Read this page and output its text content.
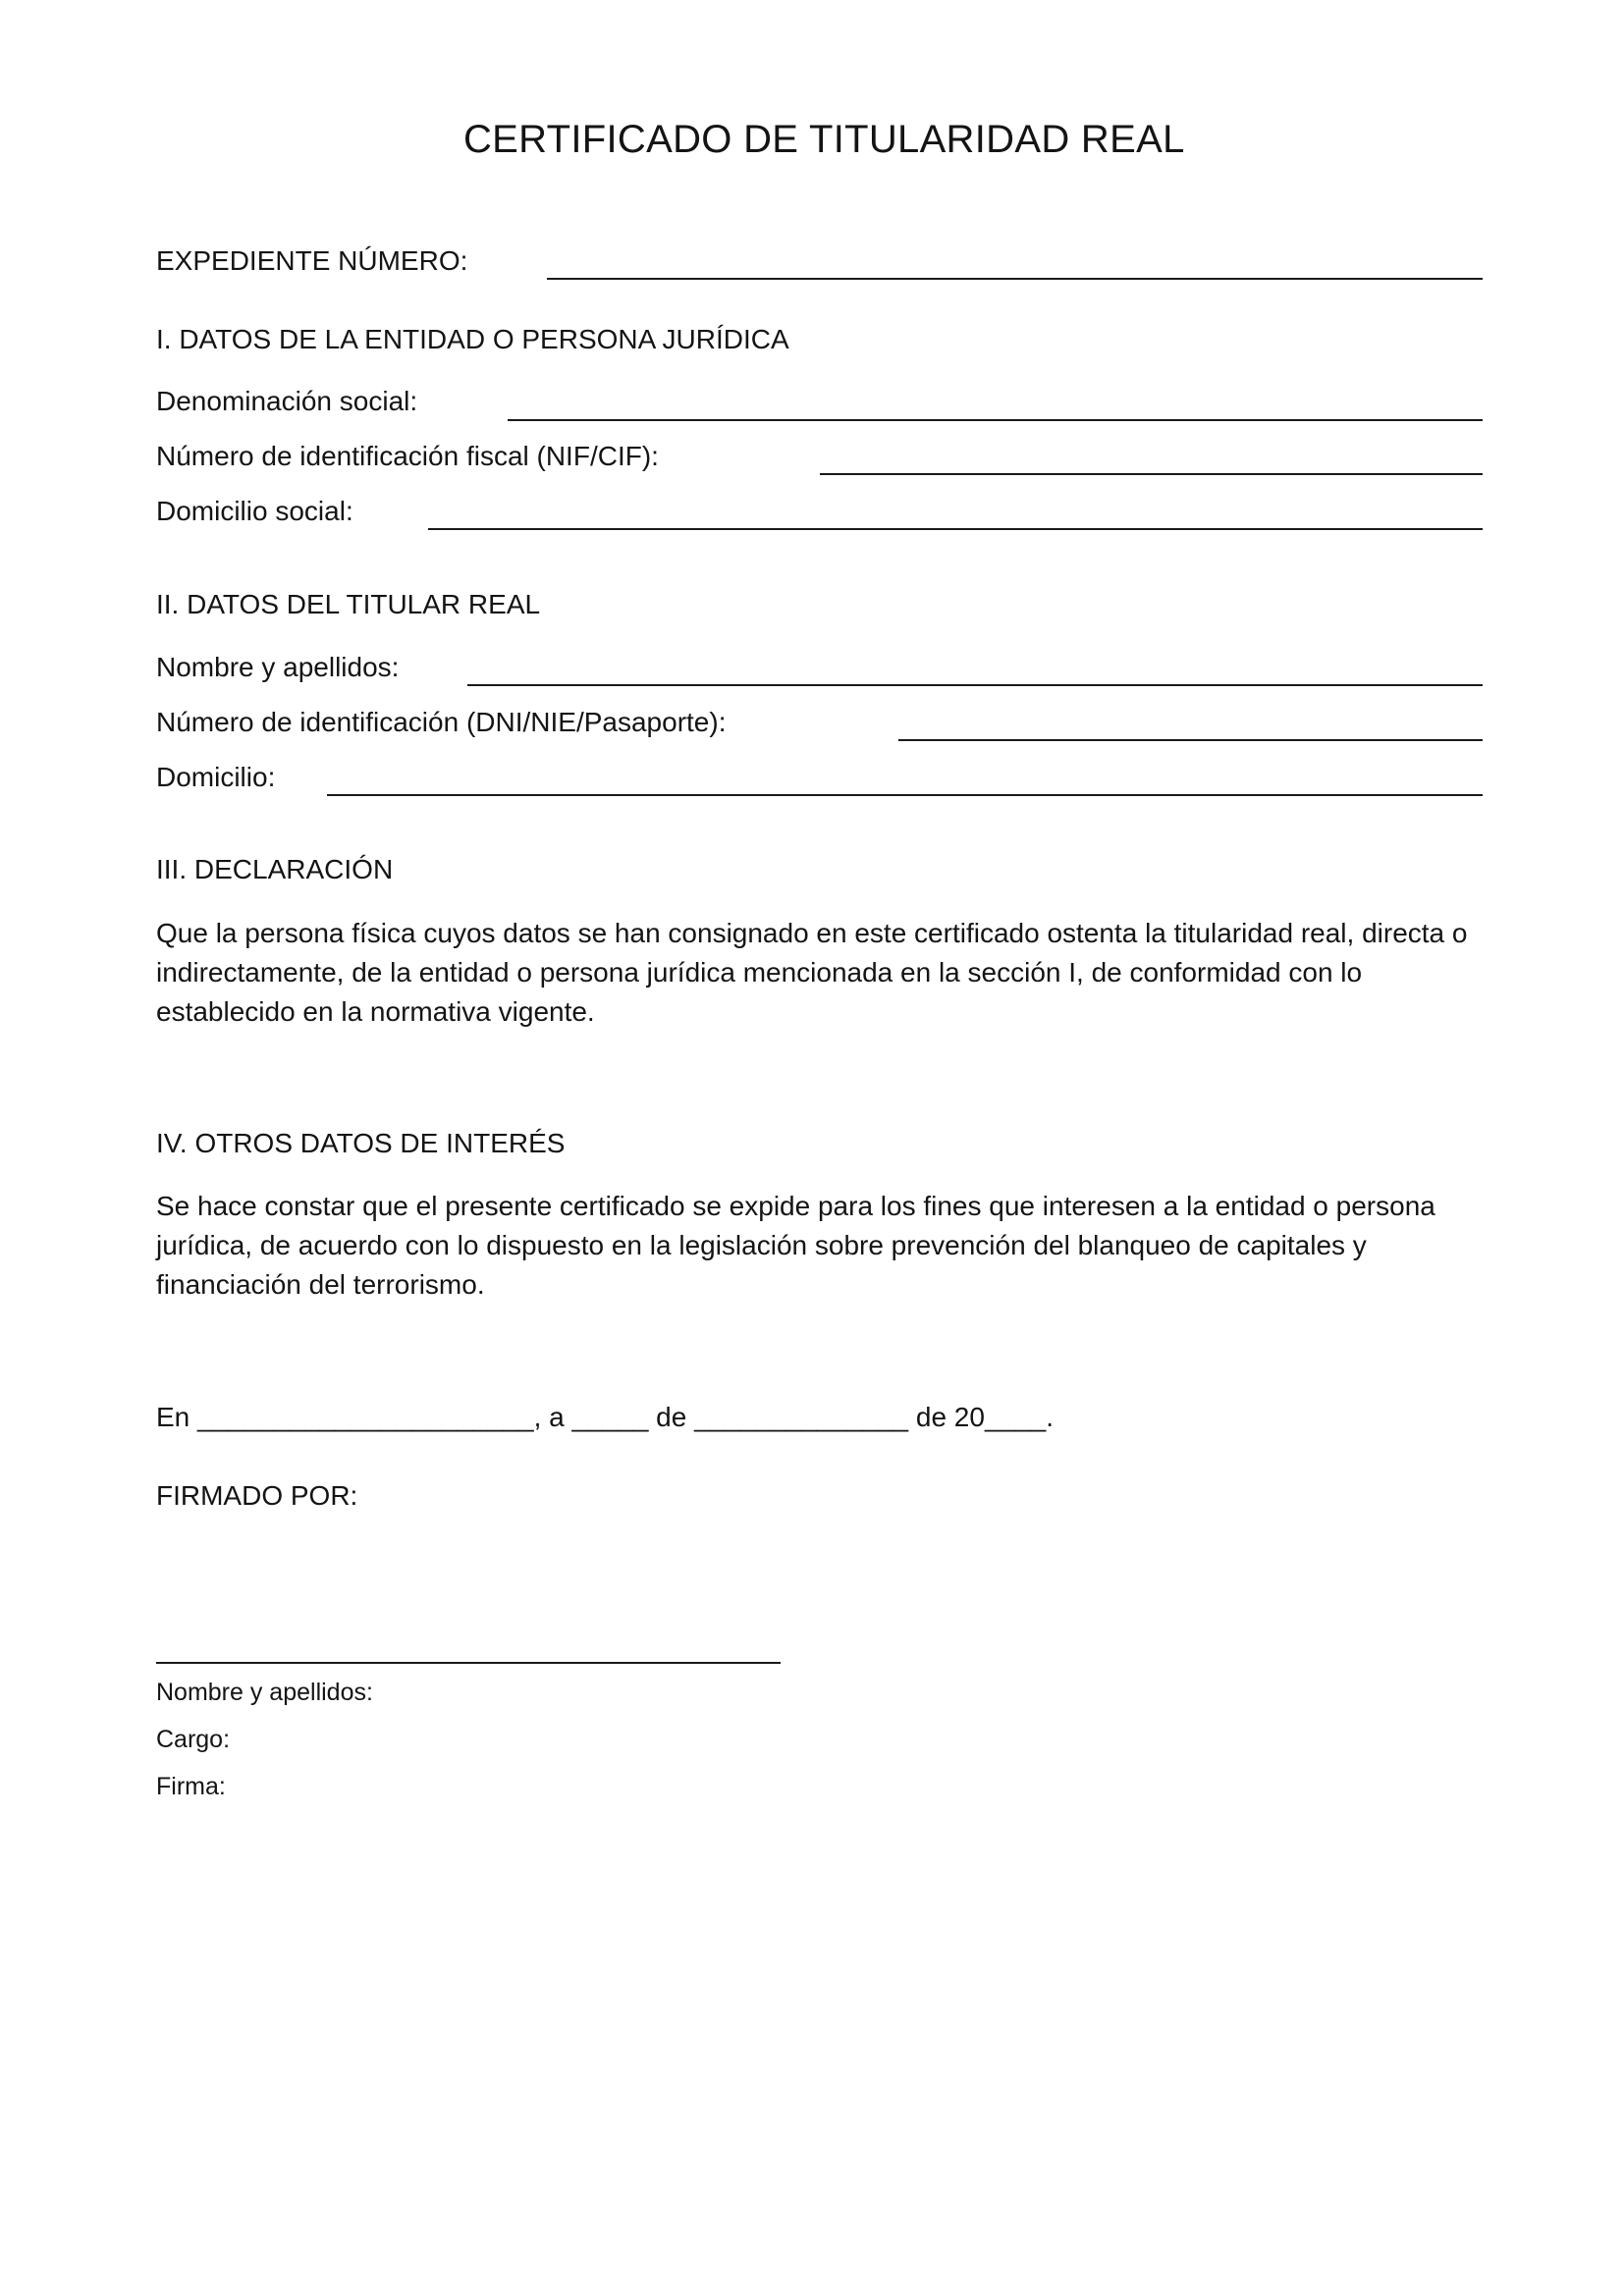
CERTIFICADO DE TITULARIDAD REAL
EXPEDIENTE NÚMERO:
I. DATOS DE LA ENTIDAD O PERSONA JURÍDICA
Denominación social:
Número de identificación fiscal (NIF/CIF):
Domicilio social:
II. DATOS DEL TITULAR REAL
Nombre y apellidos:
Número de identificación (DNI/NIE/Pasaporte):
Domicilio:
III. DECLARACIÓN
Que la persona física cuyos datos se han consignado en este certificado ostenta la titularidad real, directa o
indirectamente, de la entidad o persona jurídica mencionada en la sección I, de conformidad con lo
establecido en la normativa vigente.
IV. OTROS DATOS DE INTERÉS
Se hace constar que el presente certificado se expide para los fines que interesen a la entidad o persona
jurídica, de acuerdo con lo dispuesto en la legislación sobre prevención del blanqueo de capitales y
financiación del terrorismo.
En ______________________, a _____ de ______________ de 20____.
FIRMADO POR:
Nombre y apellidos:
Cargo:
Firma:
